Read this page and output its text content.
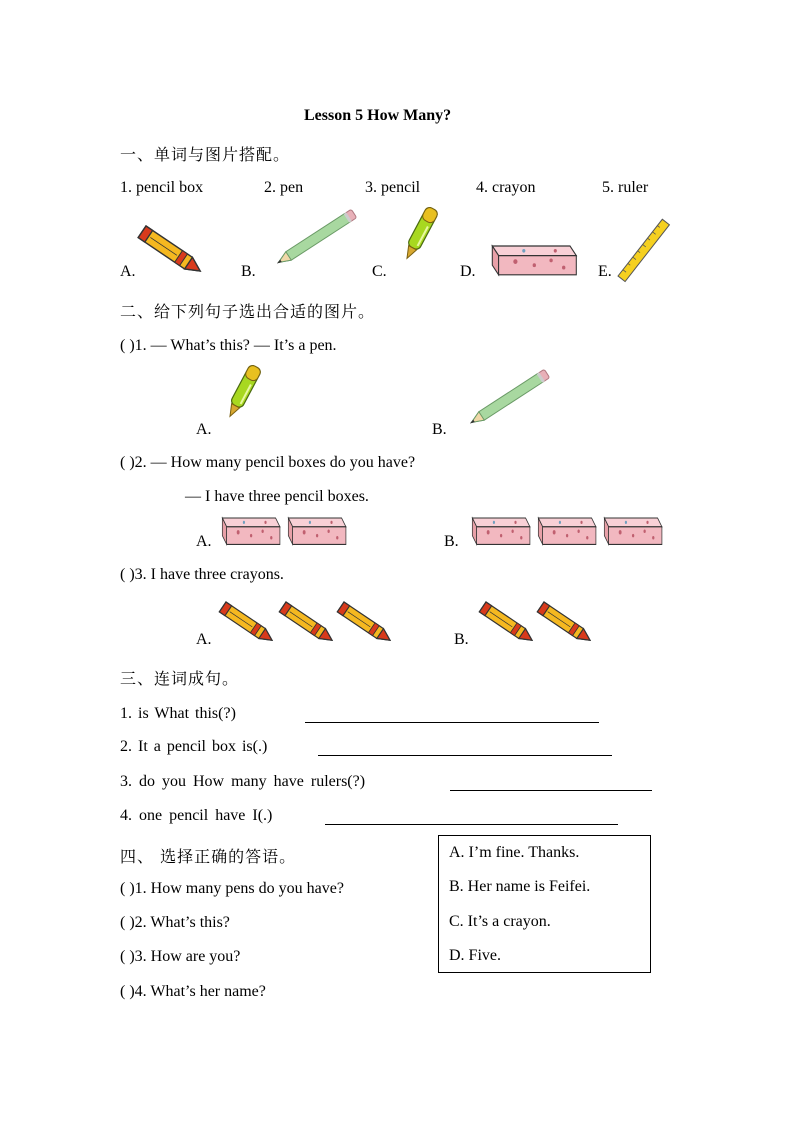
Lesson 5 How Many?
一、单词与图片搭配。
1. pencil box	2. pen	3. pencil	4. crayon	5. ruler
A.	B.	C.	D.	E.
二、给下列句子选出合适的图片。
( )1. — What’s this? — It’s a pen.
A.	B.
( )2. — How many pencil boxes do you have?
— I have three pencil boxes.
A.	B.
( )3. I have three crayons.
A.	B.
三、连词成句。
1. is What this(?)
2. It a pencil box is(.)
3. do you How many have rulers(?)
4. one pencil have I(.)
四、 选择正确的答语。
( )1. How many pens do you have?
( )2. What’s this?
( )3. How are you?
( )4. What’s her name?
A. I’m fine. Thanks.
B. Her name is Feifei.
C. It’s a crayon.
D. Five.
